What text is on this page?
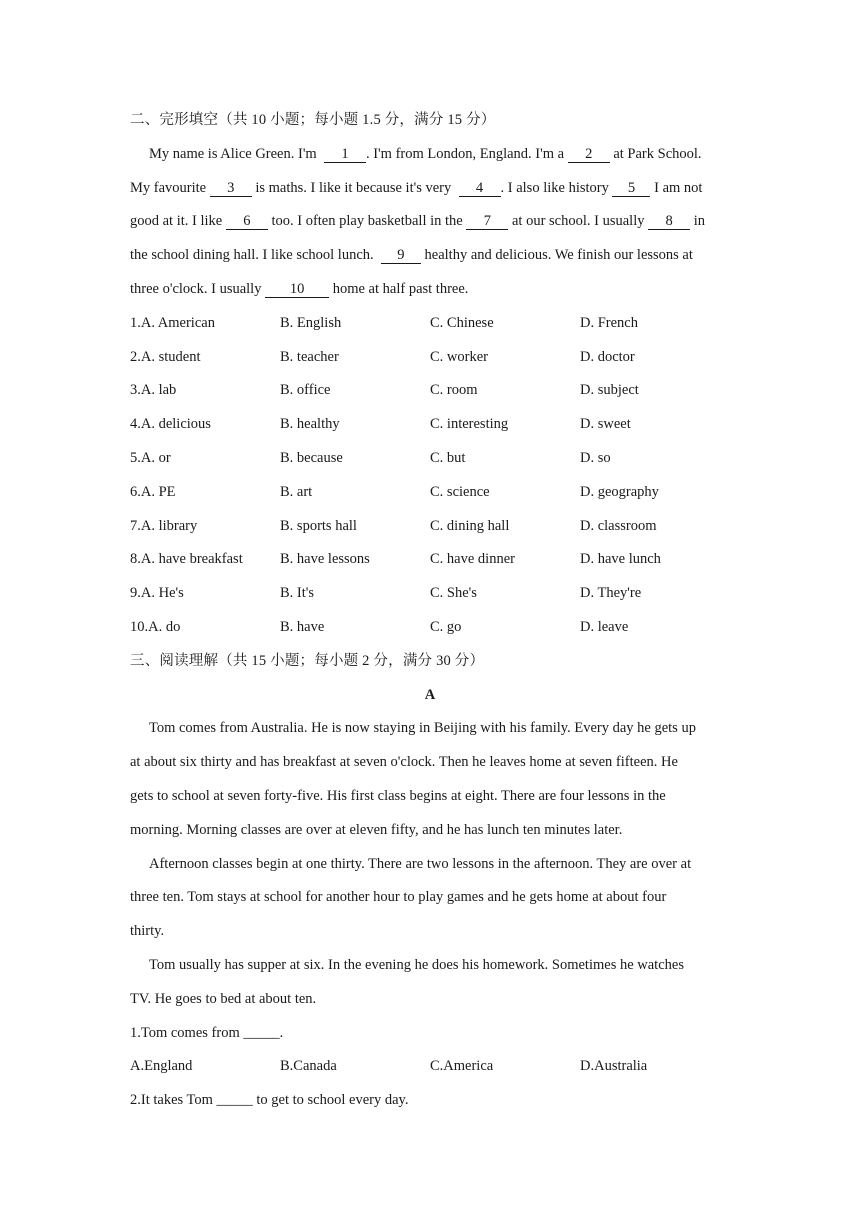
二、完形填空（共 10 小题；每小题 1.5 分，满分 15 分）
My name is Alice Green. I'm  1 . I'm from London, England. I'm a 2 at Park School.
My favourite 3 is maths. I like it because it's very  4 . I also like history 5 I am not
good at it. I like 6 too. I often play basketball in the 7 at our school. I usually 8 in
the school dining hall. I like school lunch.  9 healthy and delicious. We finish our lessons at
three o'clock. I usually 10 home at half past three.
1.A. American	B. English	C. Chinese	D. French
2.A. student	B. teacher	C. worker	D. doctor
3.A. lab	B. office	C. room	D. subject
4.A. delicious	B. healthy	C. interesting	D. sweet
5.A. or	B. because	C. but	D. so
6.A. PE	B. art	C. science	D. geography
7.A. library	B. sports hall	C. dining hall	D. classroom
8.A. have breakfast	B. have lessons	C. have dinner	D. have lunch
9.A. He's	B. It's	C. She's	D. They're
10.A. do	B. have	C. go	D. leave
三、阅读理解（共 15 小题；每小题 2 分，满分 30 分）
A
Tom comes from Australia. He is now staying in Beijing with his family. Every day he gets up
at about six thirty and has breakfast at seven o'clock. Then he leaves home at seven fifteen. He
gets to school at seven forty-five. His first class begins at eight. There are four lessons in the
morning. Morning classes are over at eleven fifty, and he has lunch ten minutes later.
Afternoon classes begin at one thirty. There are two lessons in the afternoon. They are over at
three ten. Tom stays at school for another hour to play games and he gets home at about four
thirty.
Tom usually has supper at six. In the evening he does his homework. Sometimes he watches
TV. He goes to bed at about ten.
1.Tom comes from _____.
A.England	B.Canada	C.America	D.Australia
2.It takes Tom _____ to get to school every day.
